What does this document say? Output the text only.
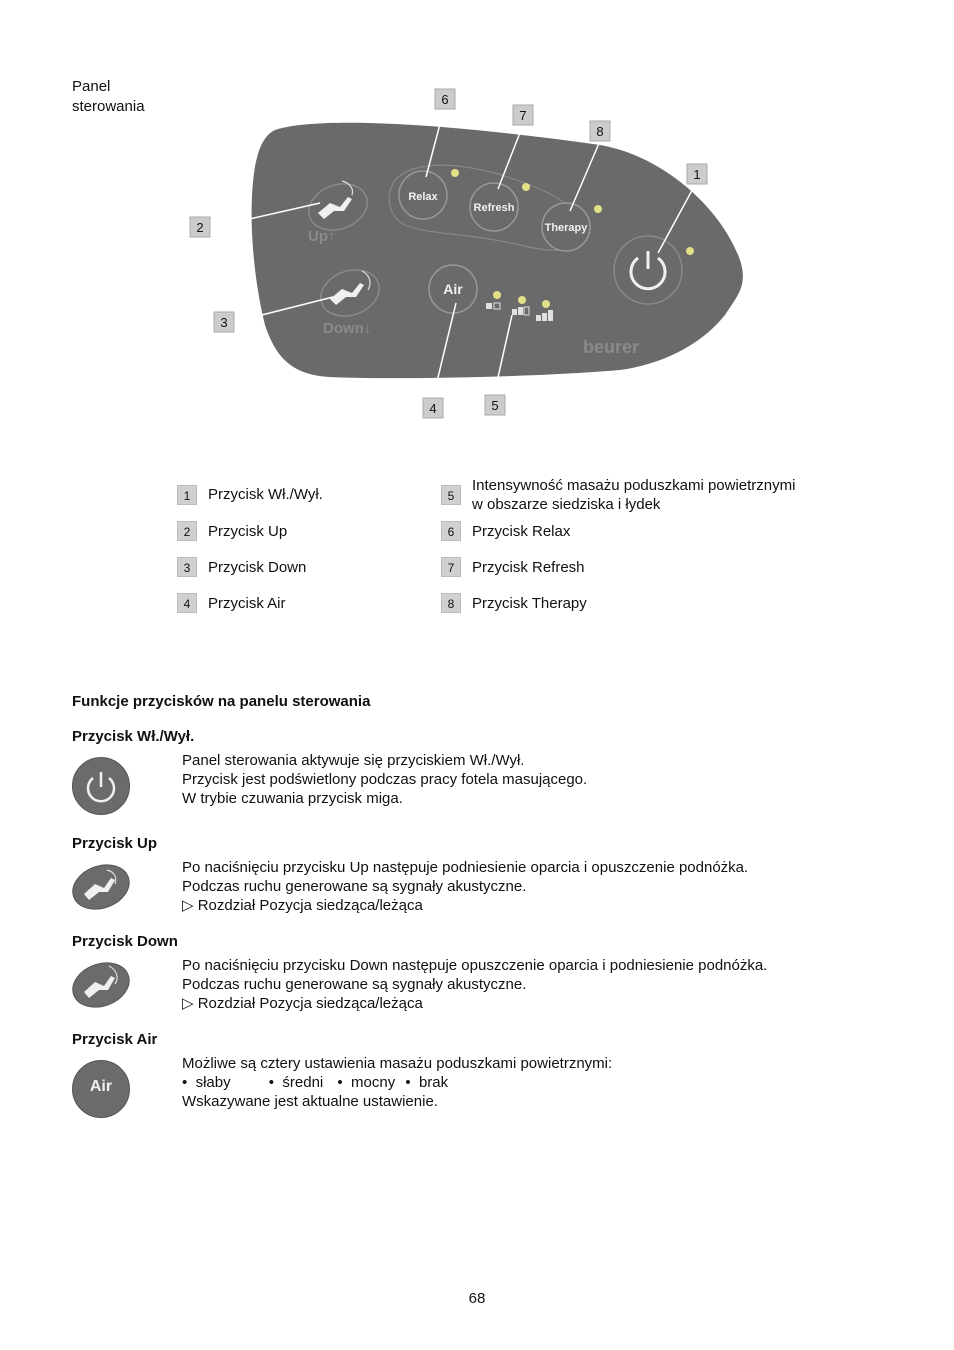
Panel
sterowania
Up↑
Down↓
Relax
Refresh
Therapy
Air
beurer
6
7
8
1
2
3
4	5
1	Przycisk Wł./Wył.
2	Przycisk Up
3	Przycisk Down
4	Przycisk Air
5
Intensywność masażu poduszkami powietrznymi
w obszarze siedziska i łydek
6	Przycisk Relax
7	Przycisk Refresh
8	Przycisk Therapy
Funkcje przycisków na panelu sterowania
Przycisk Wł./Wył.
Panel sterowania aktywuje się przyciskiem Wł./Wył.
Przycisk jest podświetlony podczas pracy fotela masującego.
W trybie czuwania przycisk miga.
Przycisk Up
Po naciśnięciu przycisku Up następuje podniesienie oparcia i opuszczenie podnóżka.
Podczas ruchu generowane są sygnały akustyczne.
▷ Rozdział Pozycja siedząca/leżąca
Przycisk Down
Po naciśnięciu przycisku Down następuje opuszczenie oparcia i podniesienie podnóżka.
Podczas ruchu generowane są sygnały akustyczne.
▷ Rozdział Pozycja siedząca/leżąca
Przycisk Air
Air
Możliwe są cztery ustawienia masażu poduszkami powietrznymi:
•  słaby	•  średni •  mocny •  brak
Wskazywane jest aktualne ustawienie.
68
